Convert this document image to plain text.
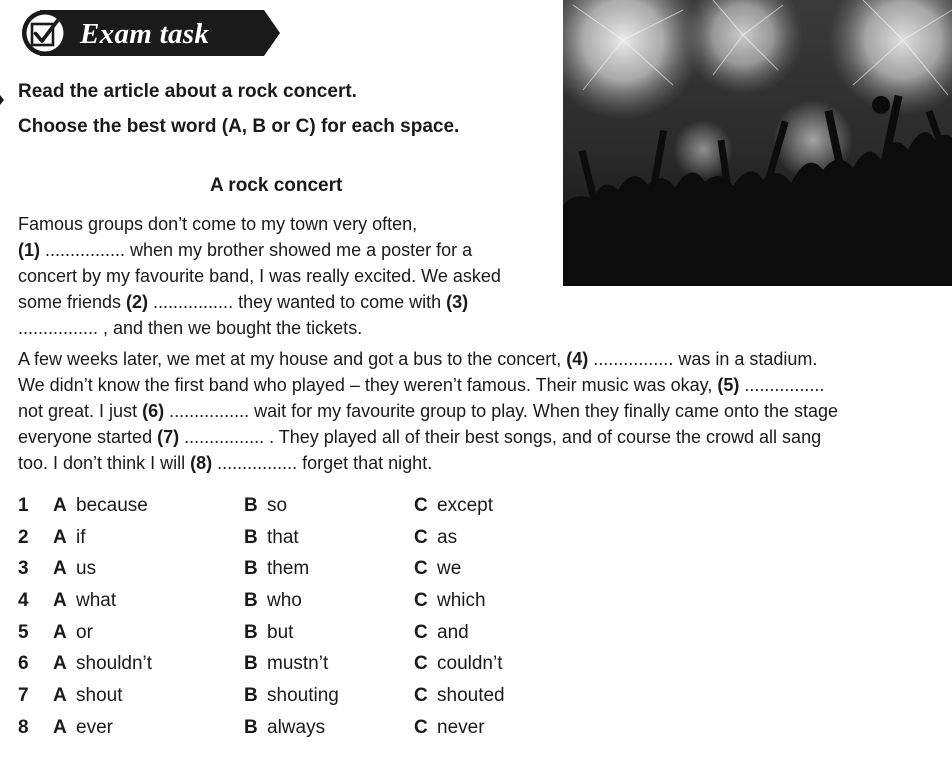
Exam task
Read the article about a rock concert.
Choose the best word (A, B or C) for each space.
A rock concert
Famous groups don’t come to my town very often,
(1) ................ when my brother showed me a poster for a
concert by my favourite band, I was really excited. We asked
some friends (2) ................ they wanted to come with (3)
................ , and then we bought the tickets.
A few weeks later, we met at my house and got a bus to the concert, (4) ................ was in a stadium.
We didn’t know the first band who played – they weren’t famous. Their music was okay, (5) ................
not great. I just (6) ................ wait for my favourite group to play. When they finally came onto the stage
everyone started (7) ................ . They played all of their best songs, and of course the crowd all sang
too. I don’t think I will (8) ................ forget that night.
1 A because	B so	C except
2 A if	B that	C as
3 A us	B them	C we
4 A what	B who	C which
5 A or	B but	C and
6 A shouldn’t	B mustn’t	C couldn’t
7 A shout	B shouting	C shouted
8 A ever	B always	C never
